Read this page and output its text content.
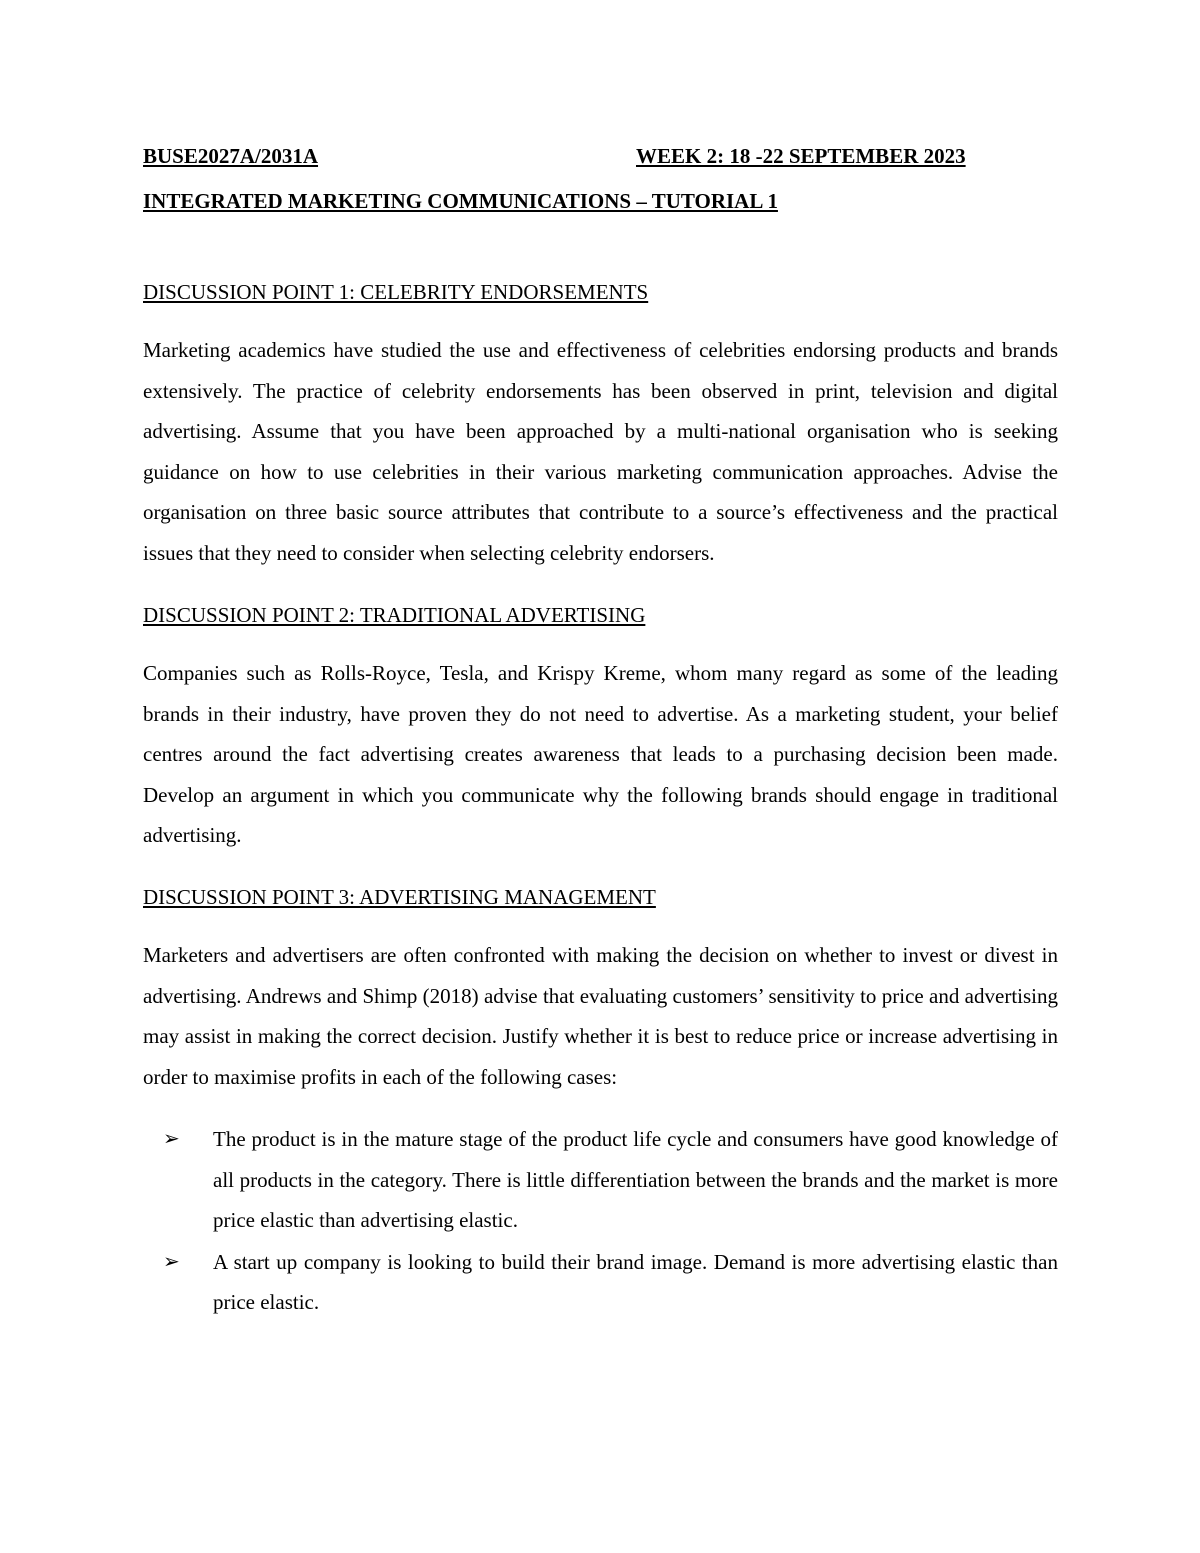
BUSE2027A/2031A	WEEK 2: 18 -22 SEPTEMBER 2023
INTEGRATED MARKETING COMMUNICATIONS – TUTORIAL 1
DISCUSSION POINT 1: CELEBRITY ENDORSEMENTS

Marketing academics have studied the use and effectiveness of celebrities endorsing products and brands extensively. The practice of celebrity endorsements has been observed in print, television and digital advertising. Assume that you have been approached by a multi-national organisation who is seeking guidance on how to use celebrities in their various marketing communication approaches. Advise the organisation on three basic source attributes that contribute to a source’s effectiveness and the practical issues that they need to consider when selecting celebrity endorsers.

DISCUSSION POINT 2: TRADITIONAL ADVERTISING

Companies such as Rolls-Royce, Tesla, and Krispy Kreme, whom many regard as some of the leading brands in their industry, have proven they do not need to advertise. As a marketing student, your belief centres around the fact advertising creates awareness that leads to a purchasing decision been made. Develop an argument in which you communicate why the following brands should engage in traditional advertising.

DISCUSSION POINT 3: ADVERTISING MANAGEMENT

Marketers and advertisers are often confronted with making the decision on whether to invest or divest in advertising. Andrews and Shimp (2018) advise that evaluating customers’ sensitivity to price and advertising may assist in making the correct decision. Justify whether it is best to reduce price or increase advertising in order to maximise profits in each of the following cases:

➢ The product is in the mature stage of the product life cycle and consumers have good knowledge of all products in the category. There is little differentiation between the brands and the market is more price elastic than advertising elastic.
➢ A start up company is looking to build their brand image. Demand is more advertising elastic than price elastic.
